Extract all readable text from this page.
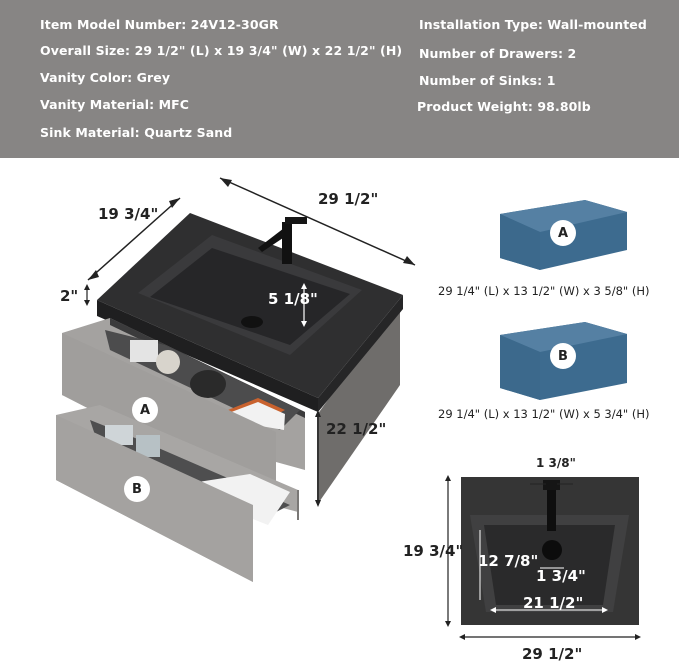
Item Model Number: 24V12-30GR
Overall Size: 29 1/2" (L) x 19 3/4" (W) x 22 1/2" (H)
Vanity Color: Grey
Vanity Material: MFC
Sink Material: Quartz Sand
Installation Type: Wall-mounted
Number of Drawers: 2
Number of Sinks: 1
Product Weight: 98.80lb
19 3/4"
29 1/2"
2"	5 1/8"
22 1/2"
A
B
A
29 1/4" (L) x 13 1/2" (W) x 3 5/8" (H)
B
29 1/4" (L) x 13 1/2" (W) x 5 3/4" (H)
1 3/8"
19 3/4"
12 7/8"
1 3/4"
21 1/2"
29 1/2"
